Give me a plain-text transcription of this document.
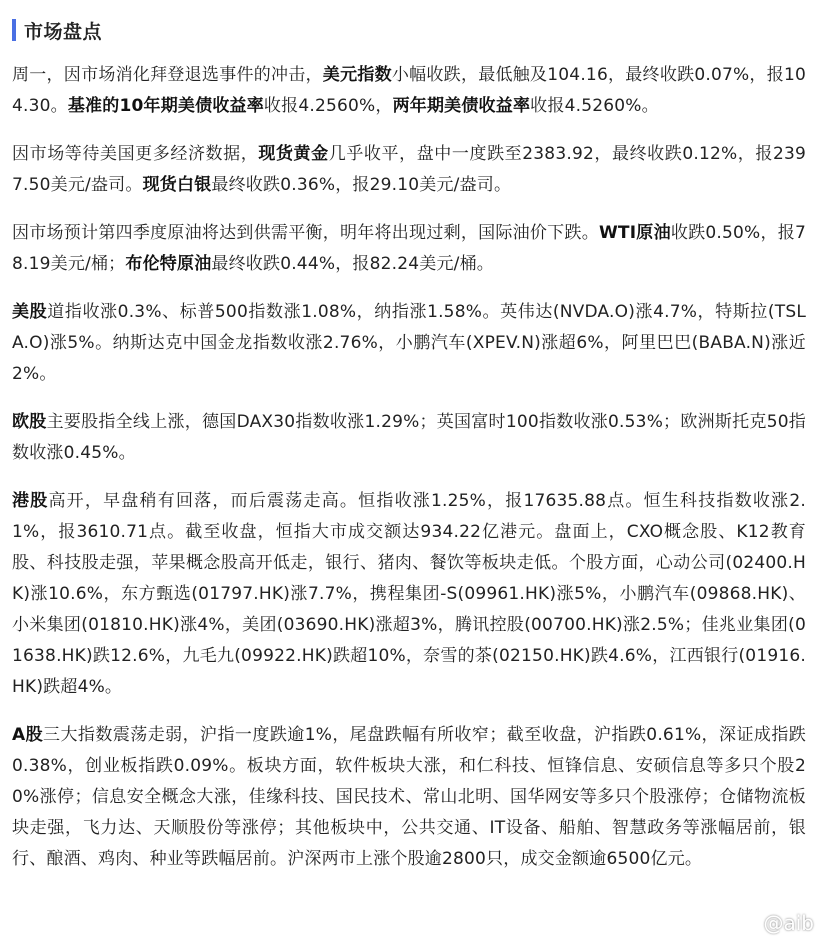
市场盘点
周一，因市场消化拜登退选事件的冲击，美元指数小幅收跌，最低触及104.16，最终收跌0.07%，报104.30。基准的10年期美债收益率收报4.2560%，两年期美债收益率收报4.5260%。
因市场等待美国更多经济数据，现货黄金几乎收平，盘中一度跌至2383.92，最终收跌0.12%，报2397.50美元/盎司。现货白银最终收跌0.36%，报29.10美元/盎司。
因市场预计第四季度原油将达到供需平衡，明年将出现过剩，国际油价下跌。WTI原油收跌0.50%，报78.19美元/桶；布伦特原油最终收跌0.44%，报82.24美元/桶。
美股道指收涨0.3%、标普500指数涨1.08%，纳指涨1.58%。英伟达(NVDA.O)涨4.7%，特斯拉(TSLA.O)涨5%。纳斯达克中国金龙指数收涨2.76%，小鹏汽车(XPEV.N)涨超6%，阿里巴巴(BABA.N)涨近2%。
欧股主要股指全线上涨，德国DAX30指数收涨1.29%；英国富时100指数收涨0.53%；欧洲斯托克50指数收涨0.45%。
港股高开，早盘稍有回落，而后震荡走高。恒指收涨1.25%，报17635.88点。恒生科技指数收涨2.1%，报3610.71点。截至收盘，恒指大市成交额达934.22亿港元。盘面上，CXO概念股、K12教育股、科技股走强，苹果概念股高开低走，银行、猪肉、餐饮等板块走低。个股方面，心动公司(02400.HK)涨10.6%，东方甄选(01797.HK)涨7.7%，携程集团-S(09961.HK)涨5%，小鹏汽车(09868.HK)、小米集团(01810.HK)涨4%，美团(03690.HK)涨超3%，腾讯控股(00700.HK)涨2.5%；佳兆业集团(01638.HK)跌12.6%，九毛九(09922.HK)跌超10%，奈雪的茶(02150.HK)跌4.6%，江西银行(01916.HK)跌超4%。
A股三大指数震荡走弱，沪指一度跌逾1%，尾盘跌幅有所收窄；截至收盘，沪指跌0.61%，深证成指跌0.38%，创业板指跌0.09%。板块方面，软件板块大涨，和仁科技、恒锋信息、安硕信息等多只个股20%涨停；信息安全概念大涨，佳缘科技、国民技术、常山北明、国华网安等多只个股涨停；仓储物流板块走强，飞力达、天顺股份等涨停；其他板块中，公共交通、IT设备、船舶、智慧政务等涨幅居前，银行、酿酒、鸡肉、种业等跌幅居前。沪深两市上涨个股逾2800只，成交金额逾6500亿元。
@aib
